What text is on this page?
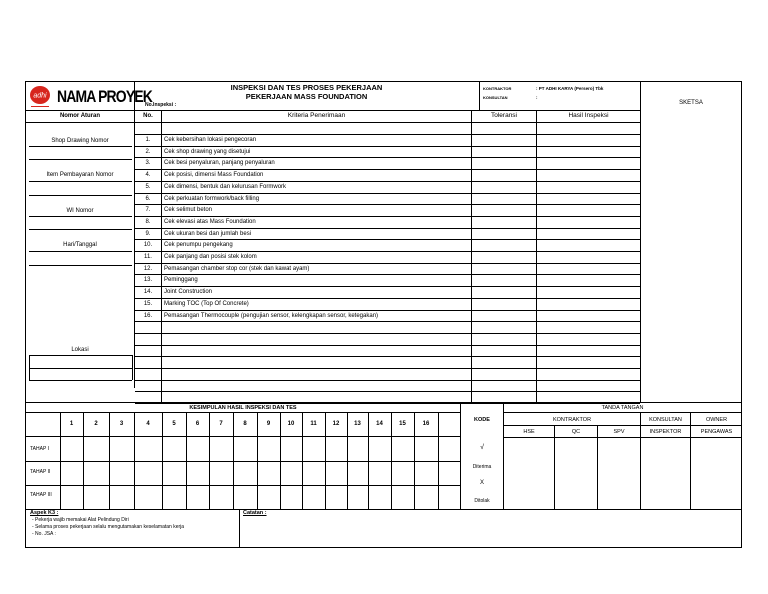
adhi NAMA PROYEK	INSPEKSI DAN TES PROSES PEKERJAAN
PEKERJAAN MASS FOUNDATION
No.Inspeksi :
KONTRAKTOR	: PT ADHI KARYA (Persero) Tbk
KONSULTAN	:
SKETSA
Nomor Aturan
Shop Drawing Nomor
Item Pembayaran Nomor
WI Nomor
Hari/Tanggal
Lokasi
No.	Kriteria Penerimaan	Toleransi	Hasil Inspeksi
1.	Cek kebersihan lokasi pengecoran
2.	Cek shop drawing yang disetujui
3.	Cek besi penyaluran, panjang penyaluran
4.	Cek posisi, dimensi Mass Foundation
5.	Cek dimensi, bentuk dan kelurusan Formwork
6.	Cek perkuatan formwork/back filling
7.	Cek selimut beton
8.	Cek elevasi atas Mass Foundation
9.	Cek ukuran besi dan jumlah besi
10.	Cek penumpu pengekang
11.	Cek panjang dan posisi stek kolom
12.	Pemasangan chamber stop cor (stek dan kawat ayam)
13.	Peminggang
14.	Joint Construction
15.	Marking TOC (Top Of Concrete)
16.	Pemasangan Thermocouple (pengujian sensor, kelengkapan sensor, ketegakan)
KESIMPULAN HASIL INSPEKSI DAN TES
1	2	3	4	5	6	7	8	9	10	11	12	13	14	15	16
TAHAP I
TAHAP II
TAHAP III
KODE
√
Diterima
X
Ditolak
TANDA TANGAN
KONTRAKTOR	KONSULTAN	OWNER
HSE	QC	SPV	INSPEKTOR	PENGAWAS
Aspek K3 :
- Pekerja wajib memakai Alat Pelindung Diri
- Selama proses pekerjaan selalu mengutamakan keselamatan kerja
- No. JSA :
Catatan :
